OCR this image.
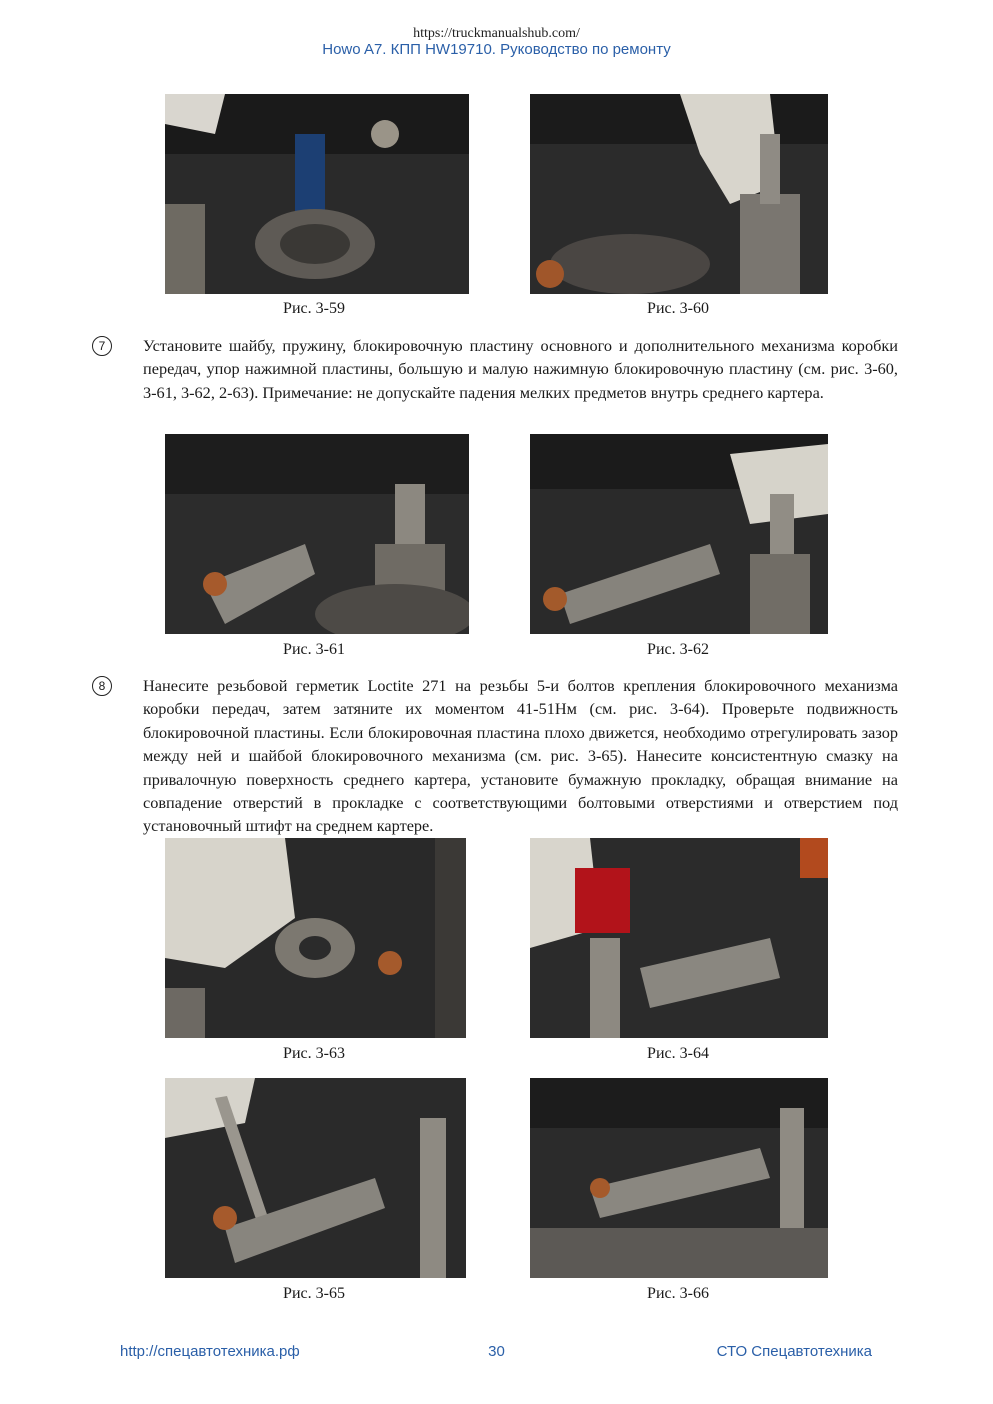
https://truckmanualshub.com/
Howo A7. КПП HW19710. Руководство по ремонту
Рис. 3-59	Рис. 3-60
7	Установите шайбу, пружину, блокировочную пластину основного и дополнительного механизма коробки передач, упор нажимной пластины, большую и малую нажимную блокировочную пластину (см. рис. 3-60, 3-61, 3-62, 2-63). Примечание: не допускайте падения мелких предметов внутрь среднего картера.
Рис. 3-61	Рис. 3-62
8	Нанесите резьбовой герметик Loctite 271 на резьбы 5-и болтов крепления блокировочного механизма коробки передач, затем затяните их моментом 41-51Нм (см. рис. 3-64). Проверьте подвижность блокировочной пластины. Если блокировочная пластина плохо движется, необходимо отрегулировать зазор между ней и шайбой блокировочного механизма (см. рис. 3-65). Нанесите консистентную смазку на привалочную поверхность среднего картера, установите бумажную прокладку, обращая внимание на совпадение отверстий в прокладке с соответствующими болтовыми отверстиями и отверстием под установочный штифт на среднем картере.
Рис. 3-63	Рис. 3-64
Рис. 3-65	Рис. 3-66
http://спецавтотехника.рф	30	СТО Спецавтотехника
